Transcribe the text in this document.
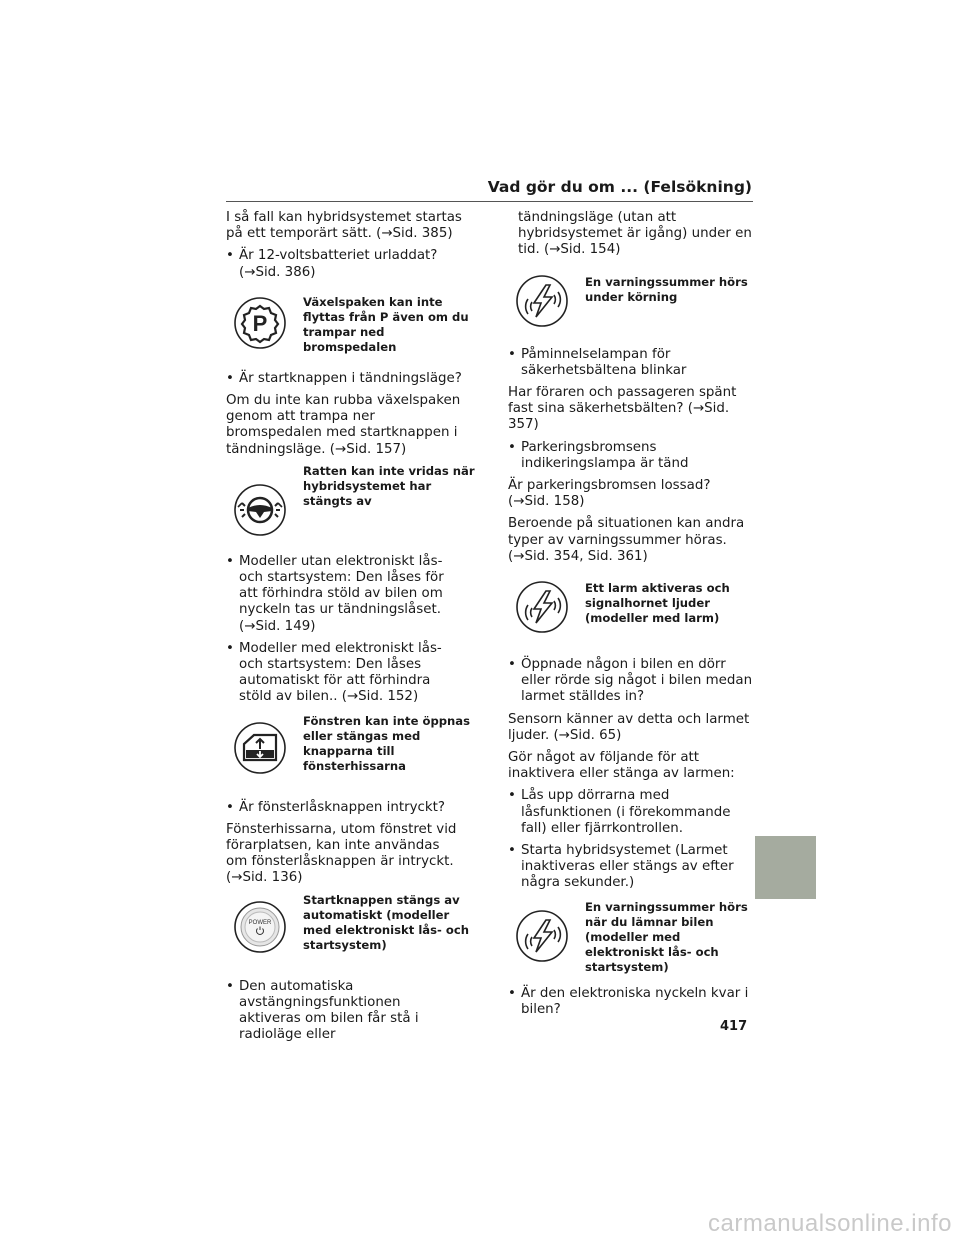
Vad gör du om ... (Felsökning)

I så fall kan hybridsystemet startas på ett temporärt sätt. (→Sid. 385)

• Är 12-voltsbatteriet urladdat? (→Sid. 386)
P
Växelspaken kan inte flyttas från P även om du trampar ned bromspedalen
• Är startknappen i tändningsläge?

Om du inte kan rubba växelspaken genom att trampa ner bromspedalen med startknappen i tändningsläge. (→Sid. 157)

Ratten kan inte vridas när hybridsystemet har stängts av
• Modeller utan elektroniskt lås- och startsystem: Den låses för att förhindra stöld av bilen om nyckeln tas ur tändningslåset. (→Sid. 149)
• Modeller med elektroniskt lås- och startsystem: Den låses automatiskt för att förhindra stöld av bilen.. (→Sid. 152)
Fönstren kan inte öppnas eller stängas med knapparna till fönsterhissarna
• Är fönsterlåsknappen intryckt?

Fönsterhissarna, utom fönstret vid förarplatsen, kan inte användas om fönsterlåsknappen är intryckt. (→Sid. 136)

POWER
Startknappen stängs av automatiskt (modeller med elektroniskt lås- och startsystem)
• Den automatiska avstängningsfunktionen aktiveras om bilen får stå i radioläge eller

tändningsläge (utan att hybridsystemet är igång) under en tid. (→Sid. 154)

En varningssummer hörs under körning
• Påminnelselampan för säkerhetsbältena blinkar

Har föraren och passageren spänt fast sina säkerhetsbälten? (→Sid. 357)

• Parkeringsbromsens indikeringslampa är tänd

Är parkeringsbromsen lossad? (→Sid. 158)

Beroende på situationen kan andra typer av varningssummer höras. (→Sid. 354, Sid. 361)

Ett larm aktiveras och signalhornet ljuder (modeller med larm)
• Öppnade någon i bilen en dörr eller rörde sig något i bilen medan larmet ställdes in?

Sensorn känner av detta och larmet ljuder. (→Sid. 65)

Gör något av följande för att inaktivera eller stänga av larmen:

• Lås upp dörrarna med låsfunktionen (i förekommande fall) eller fjärrkontrollen.
• Starta hybridsystemet (Larmet inaktiveras eller stängs av efter några sekunder.)
En varningssummer hörs när du lämnar bilen (modeller med elektroniskt lås- och startsystem)
• Är den elektroniska nyckeln kvar i bilen?
417
carmanualsonline.info
